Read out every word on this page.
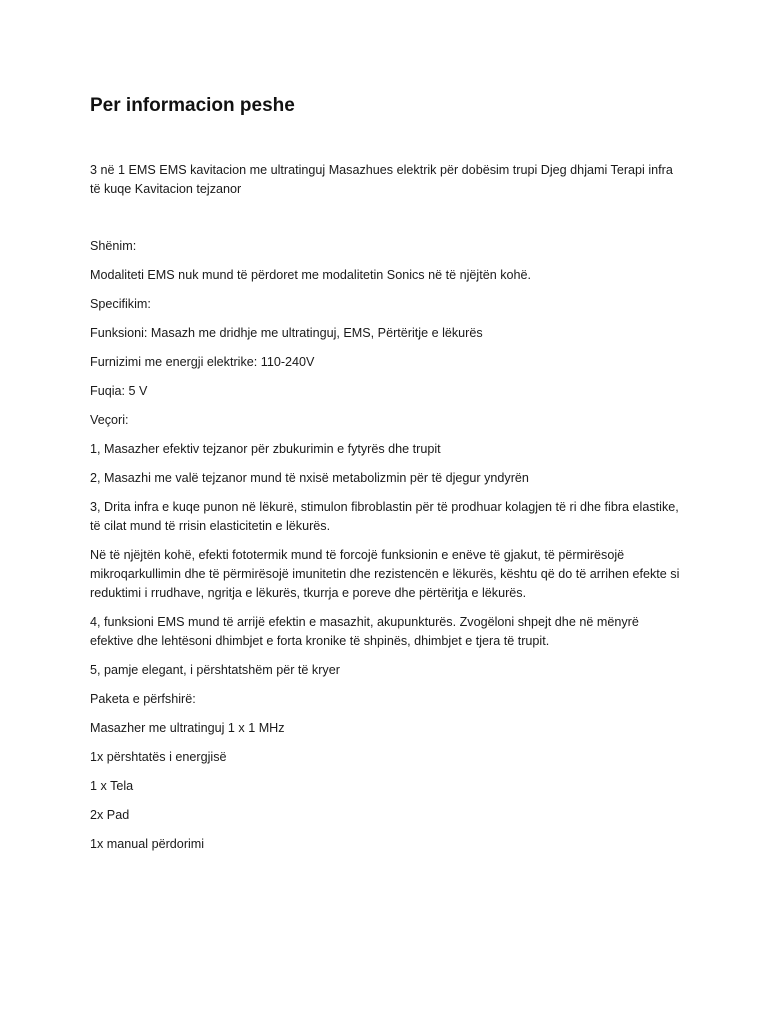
Per informacion peshe

3 në 1 EMS EMS kavitacion me ultratinguj Masazhues elektrik për dobësim trupi Djeg dhjami Terapi infra të kuqe Kavitacion tejzanor

Shënim:

Modaliteti EMS nuk mund të përdoret me modalitetin Sonics në të njëjtën kohë.

Specifikim:

Funksioni: Masazh me dridhje me ultratinguj, EMS, Përtëritje e lëkurës

Furnizimi me energji elektrike: 110-240V

Fuqia: 5 V

Veçori:

1, Masazher efektiv tejzanor për zbukurimin e fytyrës dhe trupit

2, Masazhi me valë tejzanor mund të nxisë metabolizmin për të djegur yndyrën

3, Drita infra e kuqe punon në lëkurë, stimulon fibroblastin për të prodhuar kolagjen të ri dhe fibra elastike, të cilat mund të rrisin elasticitetin e lëkurës.

Në të njëjtën kohë, efekti fototermik mund të forcojë funksionin e enëve të gjakut, të përmirësojë mikroqarkullimin dhe të përmirësojë imunitetin dhe rezistencën e lëkurës, kështu që do të arrihen efekte si reduktimi i rrudhave, ngritja e lëkurës, tkurrja e poreve dhe përtëritja e lëkurës.

4, funksioni EMS mund të arrijë efektin e masazhit, akupunkturës. Zvogëloni shpejt dhe në mënyrë efektive dhe lehtësoni dhimbjet e forta kronike të shpinës, dhimbjet e tjera të trupit.

5, pamje elegant, i përshtatshëm për të kryer

Paketa e përfshirë:

Masazher me ultratinguj 1 x 1 MHz

1x përshtatës i energjisë

1 x Tela

2x Pad

1x manual përdorimi
